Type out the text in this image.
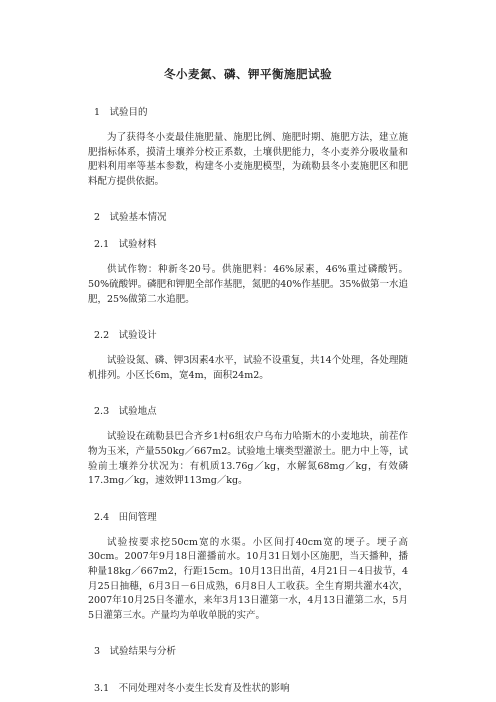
冬小麦氮、磷、钾平衡施肥试验
1　试验目的
为了获得冬小麦最佳施肥量、施肥比例、施肥时期、施肥方法，建立施肥指标体系，摸清土壤养分校正系数，土壤供肥能力，冬小麦养分吸收量和肥料利用率等基本参数，构建冬小麦施肥模型，为疏勒县冬小麦施肥区和肥料配方提供依据。
2　试验基本情况
2.1　试验材料
供试作物：种新冬20号。供施肥料：46%尿素，46%重过磷酸钙。50%硫酸钾。磷肥和钾肥全部作基肥，氮肥的40%作基肥。35%做第一水追肥，25%做第二水追肥。
2.2　试验设计
试验设氮、磷、钾3因素4水平，试验不设重复，共14个处理，各处理随机排列。小区长6m，宽4m，面积24m2。
2.3　试验地点
试验设在疏勒县巴合齐乡1村6组农户乌布力哈斯木的小麦地块，前茬作物为玉米，产量550kg／667m2。试验地土壤类型灌淤土。肥力中上等，试验前土壤养分状况为：有机质13.76g／kg，水解氮68mg／kg，有效磷17.3mg／kg，速效钾113mg／kg。
2.4　田间管理
试验按要求挖50cm宽的水渠。小区间打40cm宽的埂子。埂子高30cm。2007年9月18日灌播前水。10月31日划小区施肥，当天播种，播种量18kg／667m2，行距15cm。10月13日出苗，4月21日－4日拔节，4月25日抽穗，6月3日－6日成熟，6月8日人工收获。全生育期共灌水4次，2007年10月25日冬灌水，来年3月13日灌第一水，4月13日灌第二水，5月5日灌第三水。产量均为单收单脱的实产。
3　试验结果与分析
3.1　不同处理对冬小麦生长发育及性状的影响
